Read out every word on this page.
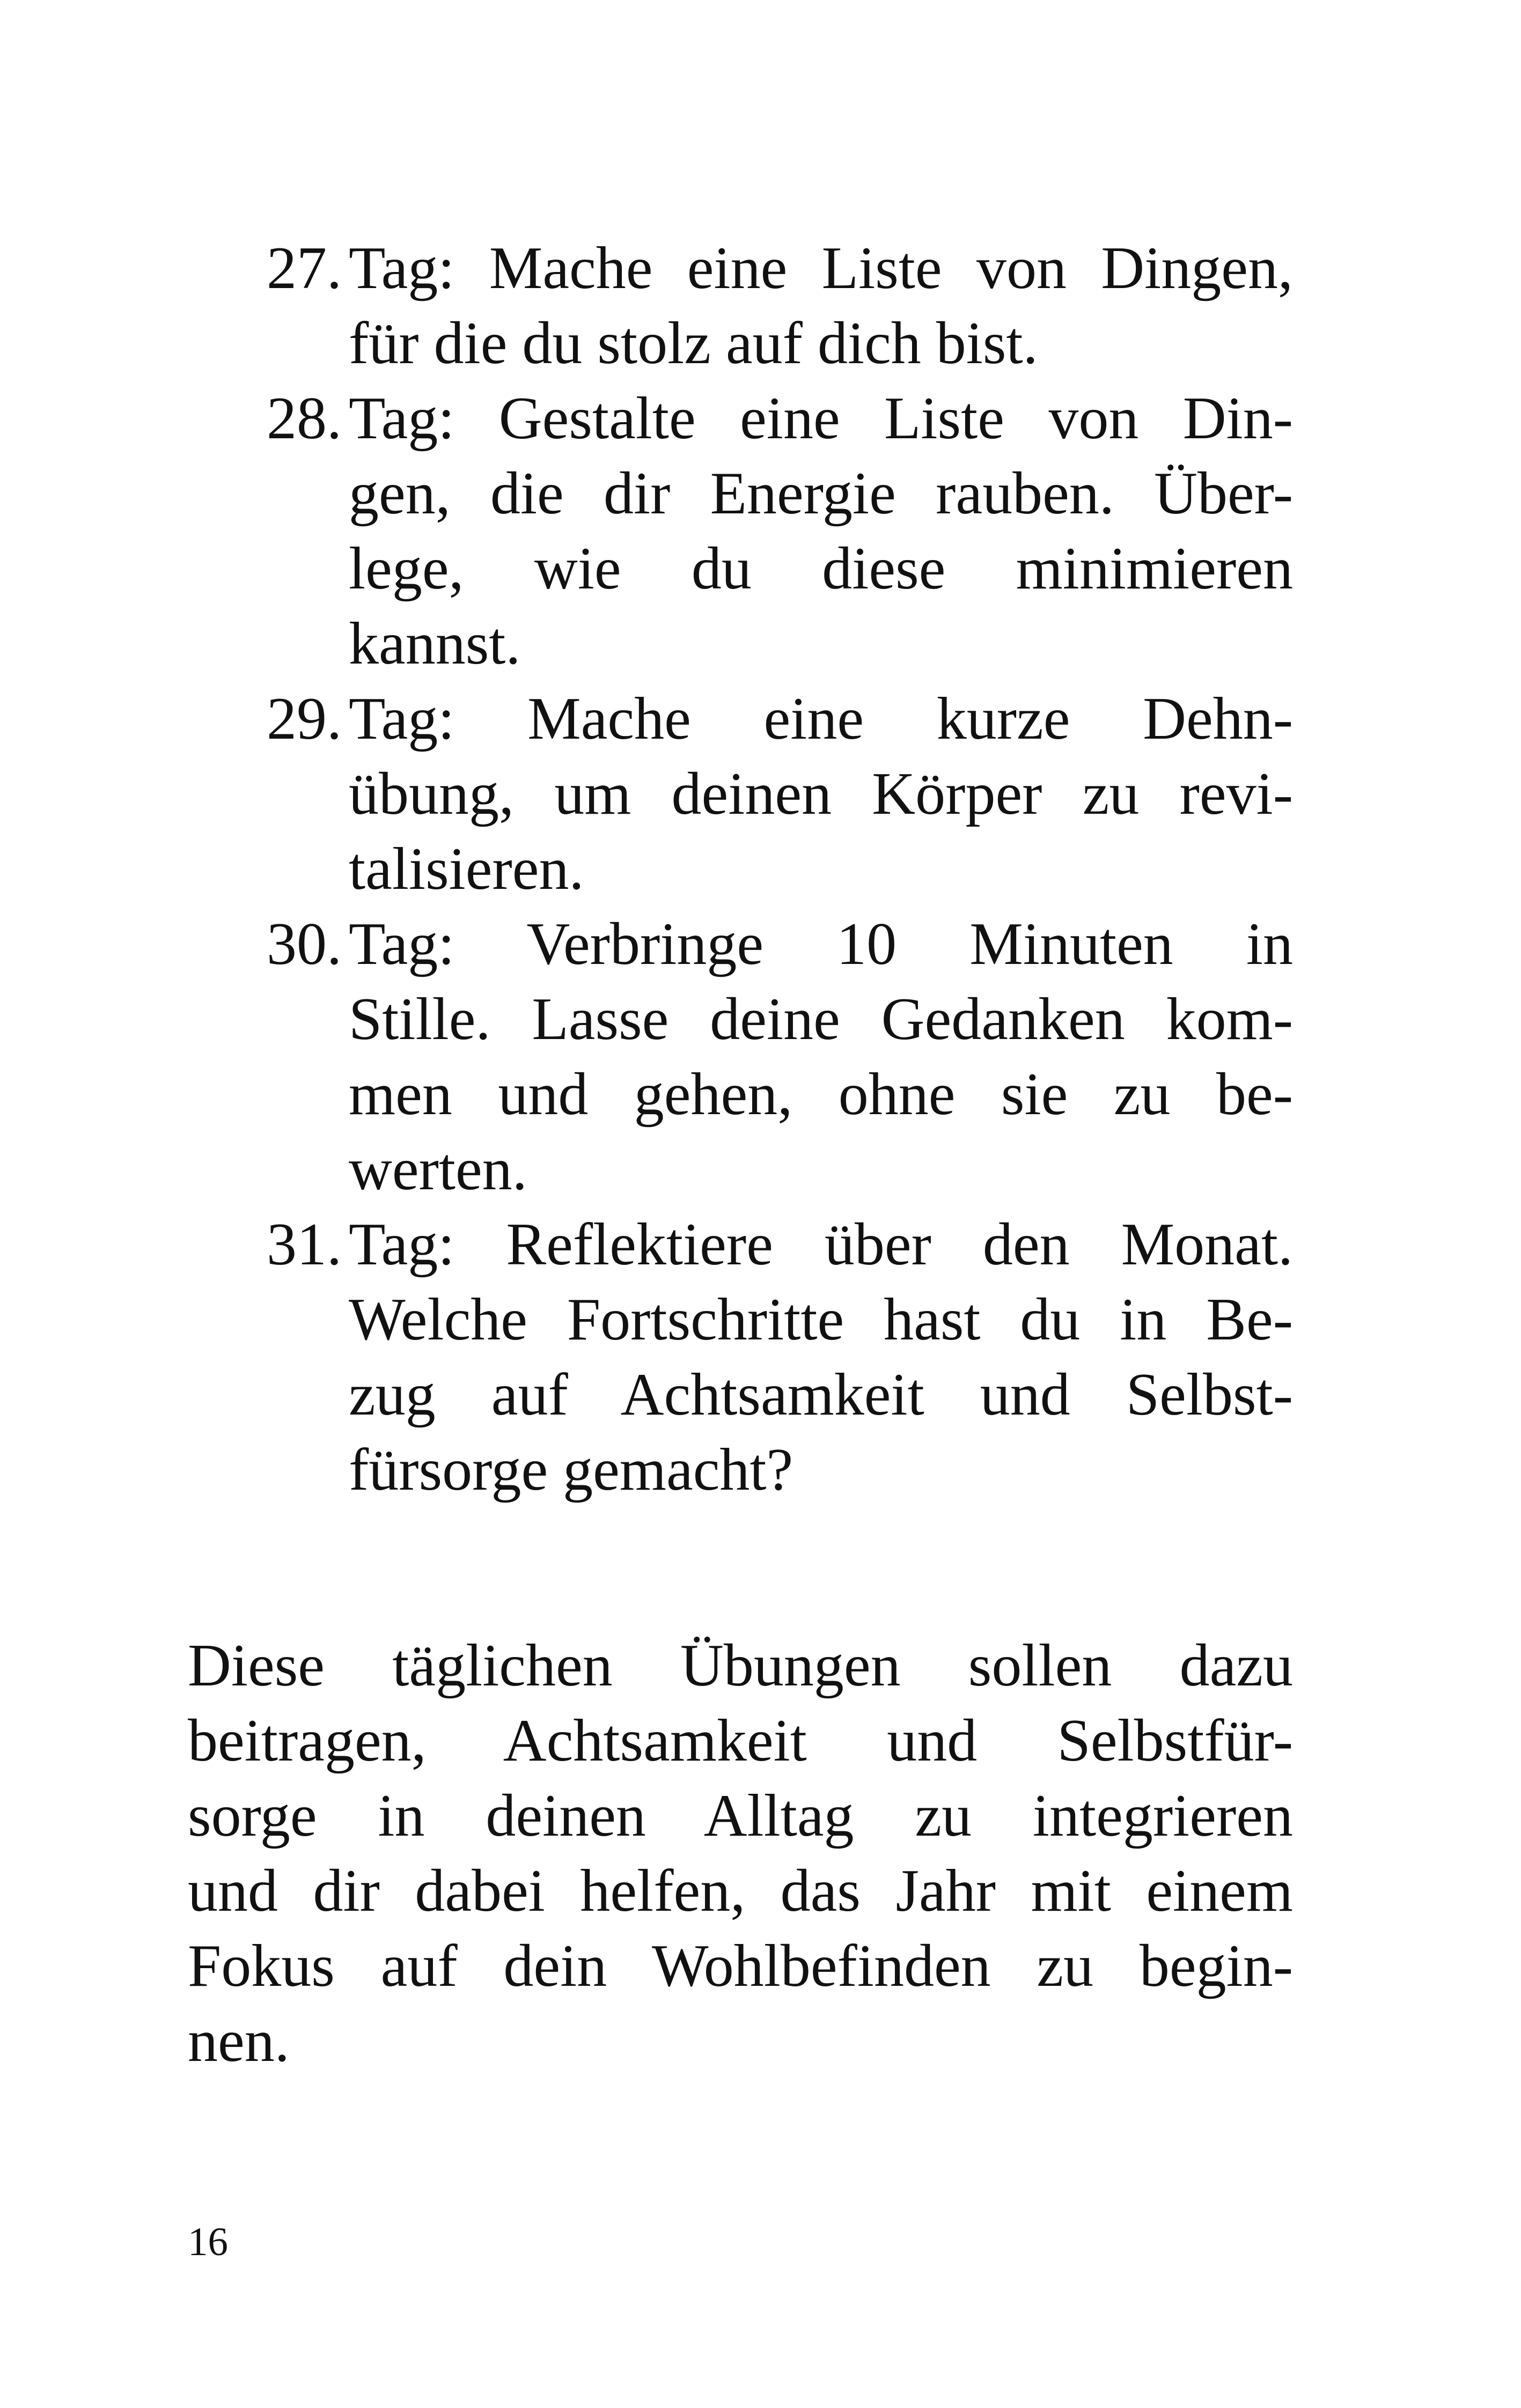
27. Tag: Mache eine Liste von Dingen,
für die du stolz auf dich bist.
28. Tag: Gestalte eine Liste von Din-
gen, die dir Energie rauben. Über-
lege, wie du diese minimieren
kannst.
29. Tag: Mache eine kurze Dehn-
übung, um deinen Körper zu revi-
talisieren.
30. Tag: Verbringe 10 Minuten in
Stille. Lasse deine Gedanken kom-
men und gehen, ohne sie zu be-
werten.
31. Tag: Reflektiere über den Monat.
Welche Fortschritte hast du in Be-
zug auf Achtsamkeit und Selbst-
fürsorge gemacht?
Diese täglichen Übungen sollen dazu
beitragen, Achtsamkeit und Selbstfür-
sorge in deinen Alltag zu integrieren
und dir dabei helfen, das Jahr mit einem
Fokus auf dein Wohlbefinden zu begin-
nen.
16
